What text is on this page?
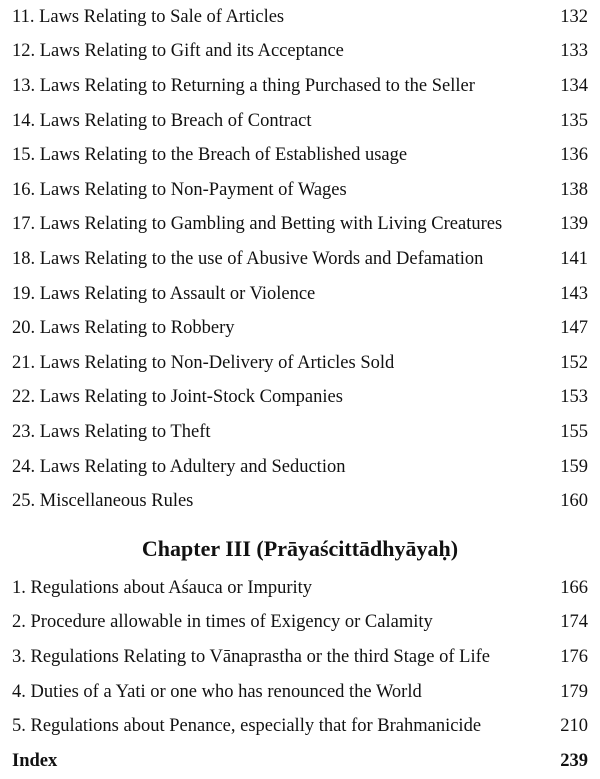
11. Laws Relating to Sale of Articles	132
12. Laws Relating to Gift and its Acceptance	133
13. Laws Relating to Returning a thing Purchased to the Seller	134
14. Laws Relating to Breach of Contract	135
15. Laws Relating to the Breach of Established usage	136
16. Laws Relating to Non-Payment of Wages	138
17. Laws Relating to Gambling and Betting with Living Creatures	139
18. Laws Relating to the use of Abusive Words and Defamation	141
19. Laws Relating to Assault or Violence	143
20. Laws Relating to Robbery	147
21. Laws Relating to Non-Delivery of Articles Sold	152
22. Laws Relating to Joint-Stock Companies	153
23. Laws Relating to Theft	155
24. Laws Relating to Adultery and Seduction	159
25. Miscellaneous Rules	160
Chapter III (Prāyaścittādhyāyaḥ)
1. Regulations about Aśauca or Impurity	166
2. Procedure allowable in times of Exigency or Calamity	174
3. Regulations Relating to Vānaprastha or the third Stage of Life	176
4. Duties of a Yati or one who has renounced the World	179
5. Regulations about Penance, especially that for Brahmanicide	210
Index	239
